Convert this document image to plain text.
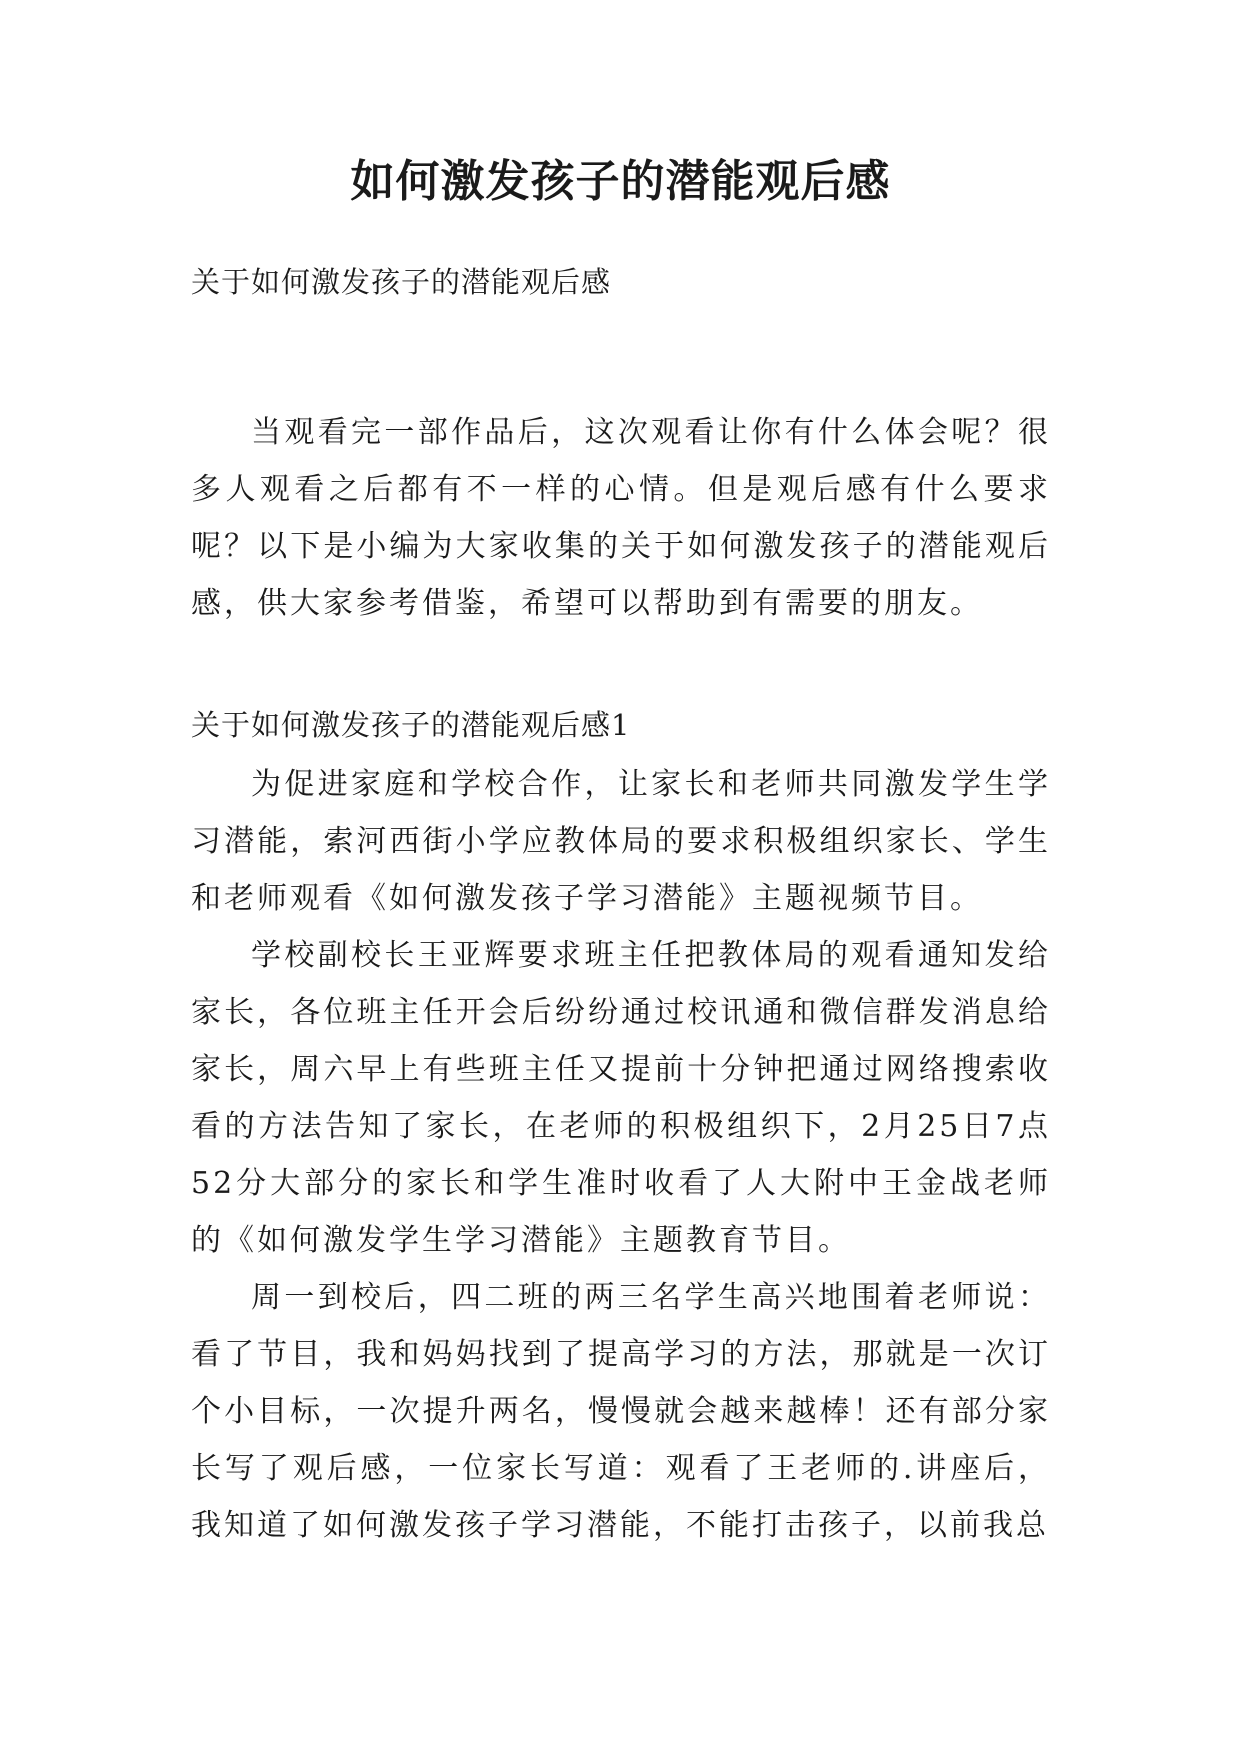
如何激发孩子的潜能观后感
关于如何激发孩子的潜能观后感

当观看完一部作品后，这次观看让你有什么体会呢？很多人观看之后都有不一样的心情。但是观后感有什么要求呢？以下是小编为大家收集的关于如何激发孩子的潜能观后感，供大家参考借鉴，希望可以帮助到有需要的朋友。

关于如何激发孩子的潜能观后感1

为促进家庭和学校合作，让家长和老师共同激发学生学习潜能，索河西街小学应教体局的要求积极组织家长、学生和老师观看《如何激发孩子学习潜能》主题视频节目。

学校副校长王亚辉要求班主任把教体局的观看通知发给家长，各位班主任开会后纷纷通过校讯通和微信群发消息给家长，周六早上有些班主任又提前十分钟把通过网络搜索收看的方法告知了家长，在老师的积极组织下，2月25日7点52分大部分的家长和学生准时收看了人大附中王金战老师的《如何激发学生学习潜能》主题教育节目。

周一到校后，四二班的两三名学生高兴地围着老师说：看了节目，我和妈妈找到了提高学习的方法，那就是一次订个小目标，一次提升两名，慢慢就会越来越棒！还有部分家长写了观后感，一位家长写道：观看了王老师的.讲座后，我知道了如何激发孩子学习潜能，不能打击孩子，以前我总
